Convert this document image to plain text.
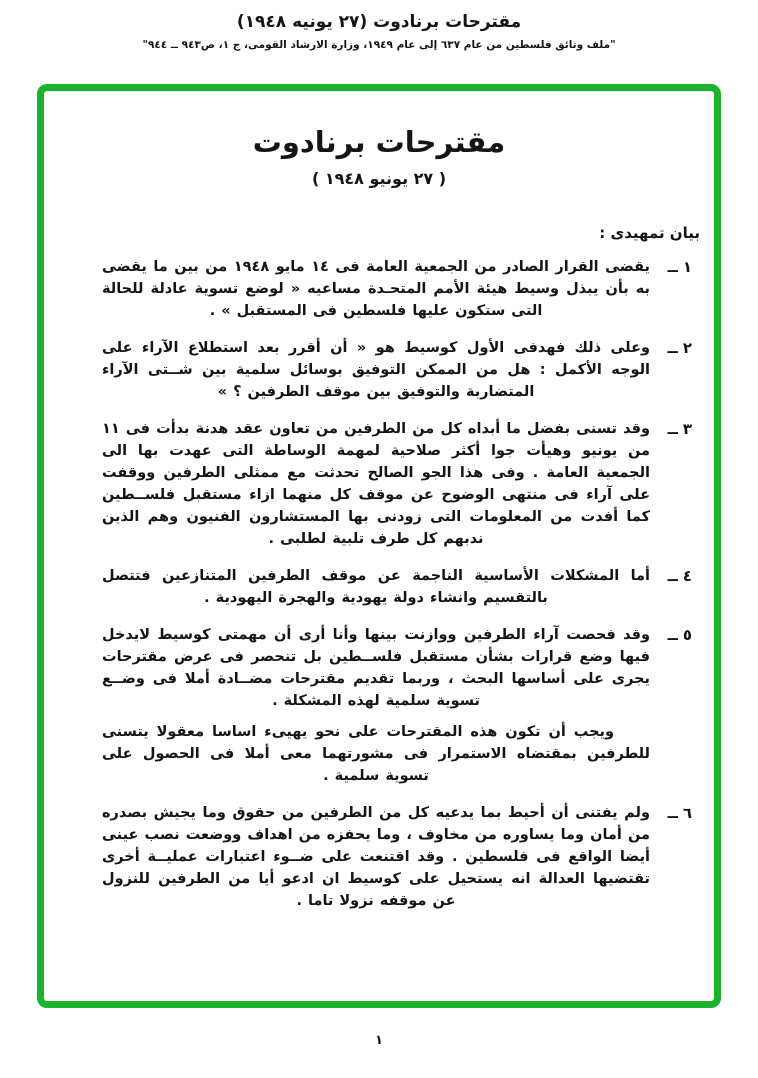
مقترحات برنادوت (٢٧ يونيه ١٩٤٨)
"ملف وثائق فلسطين من عام ٦٣٧ إلى عام ١٩٤٩، وزارة الارشاد القومى، ج ١، ص٩٤٣ ــ ٩٤٤"
مقترحات برنادوت
( ٢٧ يونيو ١٩٤٨ )
بيان تمهيدى :
١
ــ

يقضى القرار الصادر من الجمعية العامة فى ١٤ مايو ١٩٤٨ من بين ما يقضى به بأن يبذل وسيط هيئة الأمم المتحـدة مساعيه « لوضع تسوية عادلة للحالة التى ستكون عليها فلسطين فى المستقبل » .

٢
ــ

وعلى ذلك فهدفى الأول كوسيط هو « أن أقرر بعد استطلاع الآراء على الوجه الأكمل : هل من الممكن التوفيق بوسائل سلمية بين شــتى الآراء المتضاربة والتوفيق بين موقف الطرفين ؟ »

٣
ــ

وقد تسنى بفضل ما أبداه كل من الطرفين من تعاون عقد هدنة بدأت فى ١١ من يونيو وهيأت جوا أكثر صلاحية لمهمة الوساطة التى عهدت بها الى الجمعية العامة . وفى هذا الجو الصالح تحدثت مع ممثلى الطرفين ووقفت على آراء فى منتهى الوضوح عن موقف كل منهما ازاء مستقبل فلســطين كما أفدت من المعلومات التى زودنى بها المستشارون الفنيون وهم الذين ندبهم كل طرف تلبية لطلبى .

٤
ــ

أما المشكلات الأساسية الناجمة عن موقف الطرفين المتنازعين فتتصل بالتقسيم وانشاء دولة يهودية والهجرة اليهودية .

٥
ــ

وقد فحصت آراء الطرفين ووازنت بينها وأنا أرى أن مهمتى كوسيط لايدخل فيها وضع قرارات بشأن مستقبل فلســطين بل تنحصر فى عرض مقترحات يجرى على أساسها البحث ، وربما تقديم مقترحات مضــادة أملا فى وضــع تسوية سلمية لهذه المشكلة .

ويجب أن تكون هذه المقترحات على نحو يهيىء اساسا معقولا يتسنى للطرفين بمقتضاه الاستمرار فى مشورتهما معى أملا فى الحصول على تسوية سلمية .

٦
ــ

ولم يفتنى أن أحيط بما يدعيه كل من الطرفين من حقوق وما يجيش بصدره من أمان وما يساوره من مخاوف ، وما يحفزه من اهداف ووضعت نصب عينى أيضا الواقع فى فلسطين . وقد اقتنعت على ضــوء اعتبارات عمليــة أخرى تقتضيها العدالة انه يستحيل على كوسيط ان ادعو أيا من الطرفين للنزول عن موقفه نزولا تاما .

١
